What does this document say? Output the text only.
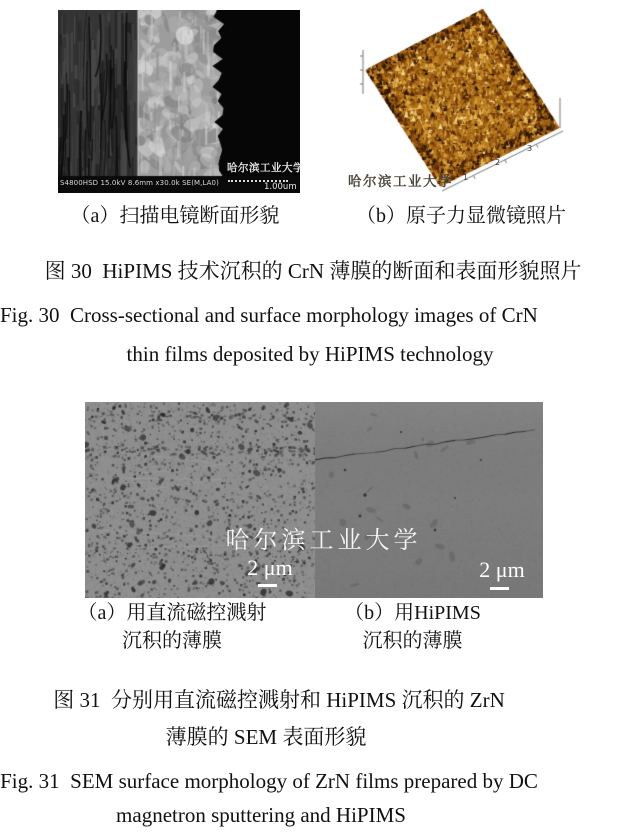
哈尔滨工业大学
S4800HSD 15.0kV 8.6mm x30.0k SE(M,LA0)	1.00um	哈尔滨工业大学 1
2
3
（a）扫描电镜断面形貌	（b）原子力显微镜照片
图 30  HiPIMS 技术沉积的 CrN 薄膜的断面和表面形貌照片
Fig. 30  Cross-sectional and surface morphology images of CrN
thin films deposited by HiPIMS technology
哈尔滨工业大学
2 μm	2 μm
（a）用直流磁控溅射
沉积的薄膜
（b）用HiPIMS
沉积的薄膜
图 31  分别用直流磁控溅射和 HiPIMS 沉积的 ZrN
薄膜的 SEM 表面形貌
Fig. 31  SEM surface morphology of ZrN films prepared by DC
magnetron sputtering and HiPIMS
